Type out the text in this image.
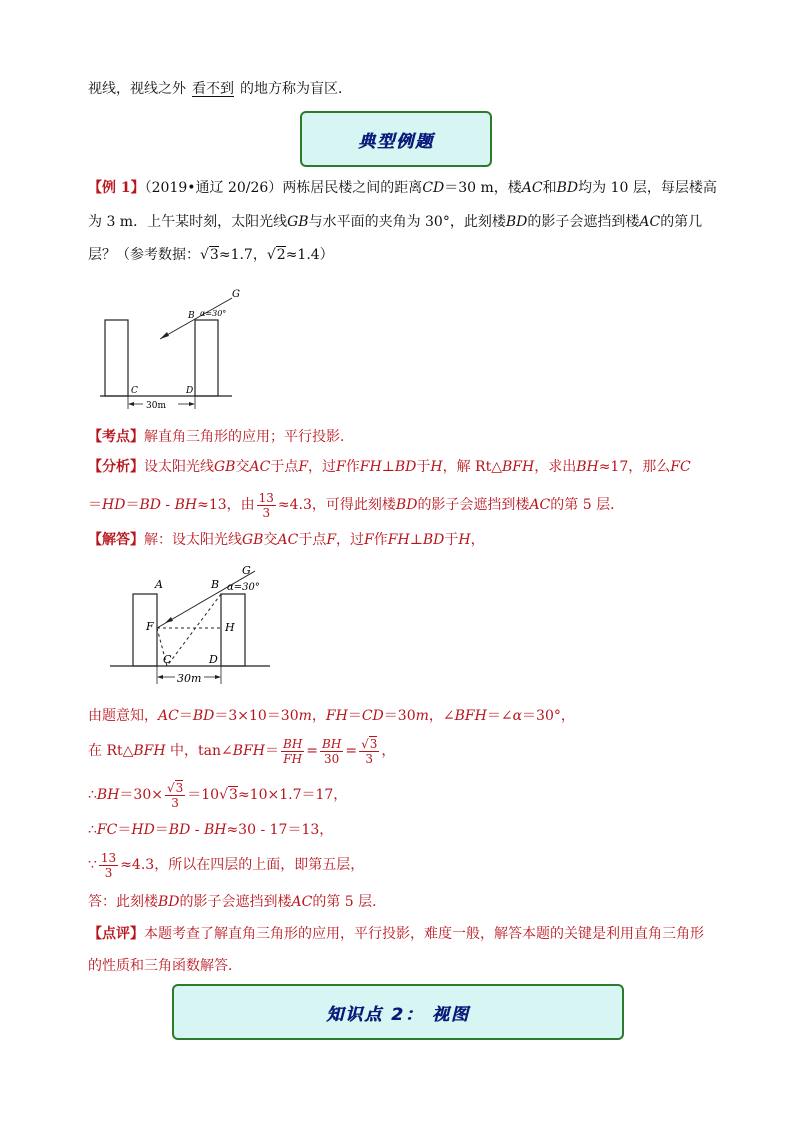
视线，视线之外 看不到 的地方称为盲区．
典型例题
【例 1】（2019•通辽 20/26）两栋居民楼之间的距离CD＝30 m，楼AC和BD均为 10 层，每层楼高
为 3 m．上午某时刻，太阳光线GB与水平面的夹角为 30°，此刻楼BD的影子会遮挡到楼AC的第几
层？（参考数据：√3≈1.7，√2≈1.4）
G
B α=30°
C	D
30m
【考点】解直角三角形的应用；平行投影．
【分析】设太阳光线GB交AC于点F，过F作FH⊥BD于H，解 Rt△BFH，求出BH≈17，那么FC
＝HD＝BD - BH≈13，由 $\frac{13}{3} \approx 4.3$，可得此刻楼BD的影子会遮挡到楼AC的第 5 层．
【解答】解：设太阳光线GB交AC于点F，过F作FH⊥BD于H，
A	B
G
α=30°
F	H
C	D
30m
由题意知，AC＝BD＝3×10＝30m，FH＝CD＝30m，∠BFH＝∠α＝30°，
在 Rt△BFH 中，tan∠BFH＝ $\frac{BH}{FH} = \frac{BH}{30} = \frac{√3}{3}$ ，
∴BH＝30× $\frac{√3}{3} =10√3\approx 10\times 1.7=17$，
∴FC＝HD＝BD - BH≈30 - 17＝13，
∵ $\frac{13}{3} \approx 4.3$，所以在四层的上面，即第五层，
答：此刻楼BD的影子会遮挡到楼AC的第 5 层．
【点评】本题考查了解直角三角形的应用，平行投影，难度一般，解答本题的关键是利用直角三角形
的性质和三角函数解答．
知识点 2： 视图
